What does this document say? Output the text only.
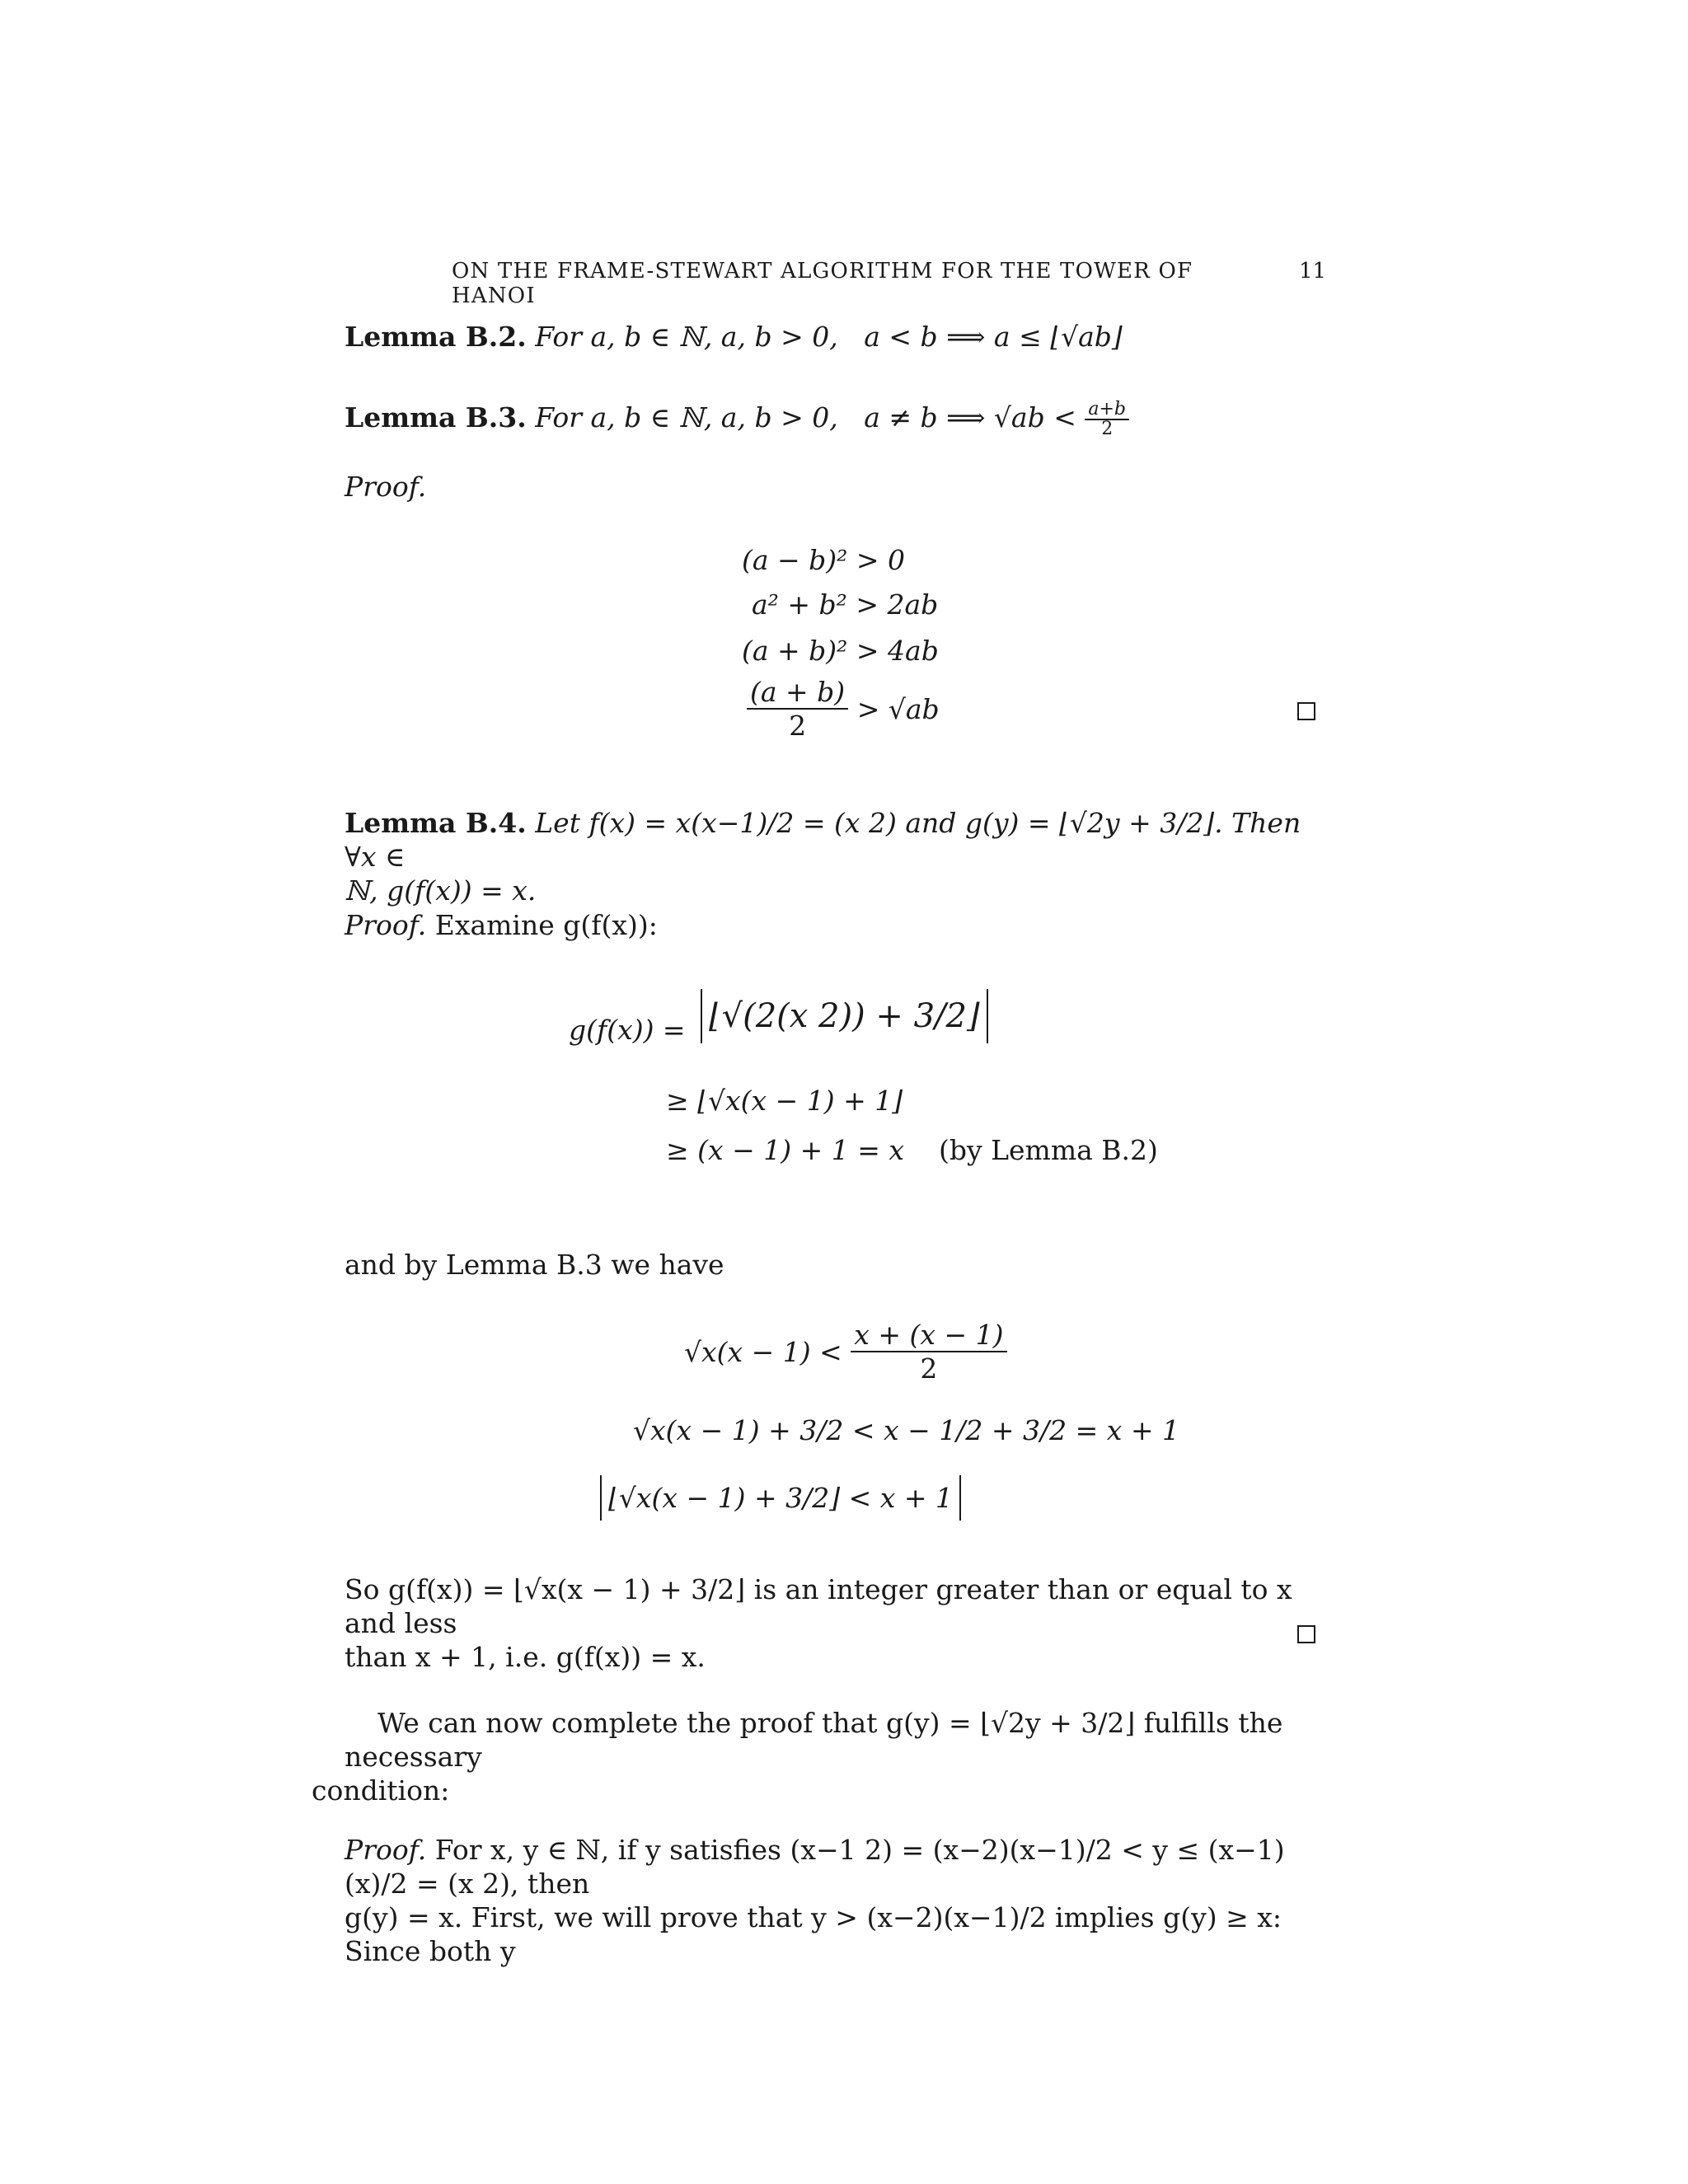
ON THE FRAME-STEWART ALGORITHM FOR THE TOWER OF HANOI
11
Lemma B.2. For a, b ∈ ℕ, a, b > 0, a < b ⟹ a ≤ ⌊√ab⌋
Lemma B.3. For a, b ∈ ℕ, a, b > 0, a ≠ b ⟹ $√ab < \frac{a+b}{2}$
Proof.
(a − b)² > 0
a² + b² > 2ab
(a + b)² > 4ab
$\frac{(a + b)}{2}$
> √ab
Lemma B.4. Let f(x) = x(x−1)/2 = (x 2) and g(y) = ⌊√2y + 3/2⌋. Then ∀x ∈
ℕ, g(f(x)) = x.
Proof. Examine g(f(x)):
g(f(x)) = ⌊√(2(x 2)) + 3/2⌋
≥ ⌊√x(x − 1) + 1⌋
≥ (x − 1) + 1 = x (by Lemma B.2)
and by Lemma B.3 we have
√x(x − 1) <
$\frac{x + (x - 1)}{2}$
√x(x − 1) + 3/2 < x − 1/2 + 3/2 = x + 1
⌊√x(x − 1) + 3/2⌋ < x + 1
So g(f(x)) = ⌊√x(x − 1) + 3/2⌋ is an integer greater than or equal to x and less
than x + 1, i.e. g(f(x)) = x.
We can now complete the proof that g(y) = ⌊√2y + 3/2⌋ fulfills the necessary
condition:
Proof. For x, y ∈ ℕ, if y satisfies (x−1 2) = (x−2)(x−1)/2 < y ≤ (x−1)(x)/2 = (x 2), then
g(y) = x. First, we will prove that y > (x−2)(x−1)/2 implies g(y) ≥ x: Since both y
